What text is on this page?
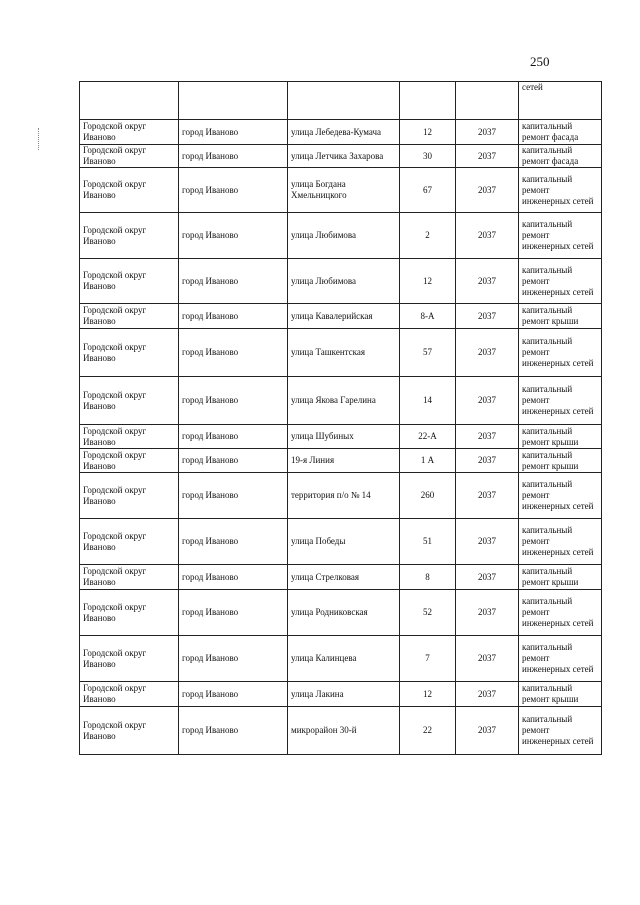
250
					сетей
Городской округ Иваново	город Иваново	улица Лебедева-Кумача	12	2037	капитальный ремонт фасада
Городской округ Иваново	город Иваново	улица Летчика Захарова	30	2037	капитальный ремонт фасада
Городской округ Иваново	город Иваново	улица Богдана Хмельницкого	67	2037	капитальный ремонт инженерных сетей
Городской округ Иваново	город Иваново	улица Любимова	2	2037	капитальный ремонт инженерных сетей
Городской округ Иваново	город Иваново	улица Любимова	12	2037	капитальный ремонт инженерных сетей
Городской округ Иваново	город Иваново	улица Кавалерийская	8-А	2037	капитальный ремонт крыши
Городской округ Иваново	город Иваново	улица Ташкентская	57	2037	капитальный ремонт инженерных сетей
Городской округ Иваново	город Иваново	улица Якова Гарелина	14	2037	капитальный ремонт инженерных сетей
Городской округ Иваново	город Иваново	улица Шубиных	22-А	2037	капитальный ремонт крыши
Городской округ Иваново	город Иваново	19-я Линия	1 А	2037	капитальный ремонт крыши
Городской округ Иваново	город Иваново	территория п/о № 14	260	2037	капитальный ремонт инженерных сетей
Городской округ Иваново	город Иваново	улица Победы	51	2037	капитальный ремонт инженерных сетей
Городской округ Иваново	город Иваново	улица Стрелковая	8	2037	капитальный ремонт крыши
Городской округ Иваново	город Иваново	улица Родниковская	52	2037	капитальный ремонт инженерных сетей
Городской округ Иваново	город Иваново	улица Калинцева	7	2037	капитальный ремонт инженерных сетей
Городской округ Иваново	город Иваново	улица Лакина	12	2037	капитальный ремонт крыши
Городской округ Иваново	город Иваново	микрорайон 30-й	22	2037	капитальный ремонт инженерных сетей
